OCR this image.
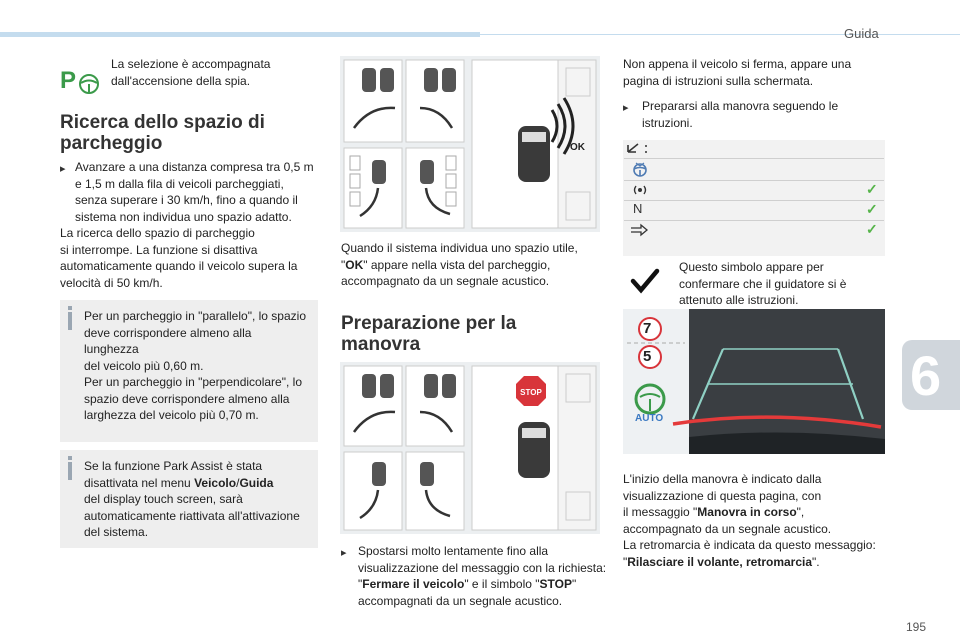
Guida
195
6
P
La selezione è accompagnata
dall'accensione della spia.
Ricerca dello spazio di
parcheggio
▸ Avanzare a una distanza compresa tra 0,5 m
e 1,5 m dalla fila di veicoli parcheggiati,
senza superare i 30 km/h, fino a quando il
sistema non individua uno spazio adatto.
La ricerca dello spazio di parcheggio
si interrompe. La funzione si disattiva
automaticamente quando il veicolo supera la
velocità di 50 km/h.
Per un parcheggio in "parallelo", lo spazio
deve corrispondere almeno alla lunghezza
del veicolo più 0,60 m.
Per un parcheggio in "perpendicolare", lo
spazio deve corrispondere almeno alla
larghezza del veicolo più 0,70 m.
Se la funzione Park Assist è stata
disattivata nel menu Veicolo/Guida
del display touch screen, sarà
automaticamente riattivata all'attivazione
del sistema.
OK
Quando il sistema individua uno spazio utile,
"OK" appare nella vista del parcheggio,
accompagnato da un segnale acustico.
Preparazione per la
manovra
STOP
▸ Spostarsi molto lentamente fino alla
visualizzazione del messaggio con la richiesta:
"Fermare il veicolo" e il simbolo "STOP"
accompagnati da un segnale acustico.
Non appena il veicolo si ferma, appare una
pagina di istruzioni sulla schermata.
▸ Prepararsi alla manovra seguendo le
istruzioni.
N
✓
✓
✓
Questo simbolo appare per
confermare che il guidatore si è
attenuto alle istruzioni.
7
5
AUTO
L'inizio della manovra è indicato dalla
visualizzazione di questa pagina, con
il messaggio "Manovra in corso",
accompagnato da un segnale acustico.
La retromarcia è indicata da questo messaggio:
"Rilasciare il volante, retromarcia".
